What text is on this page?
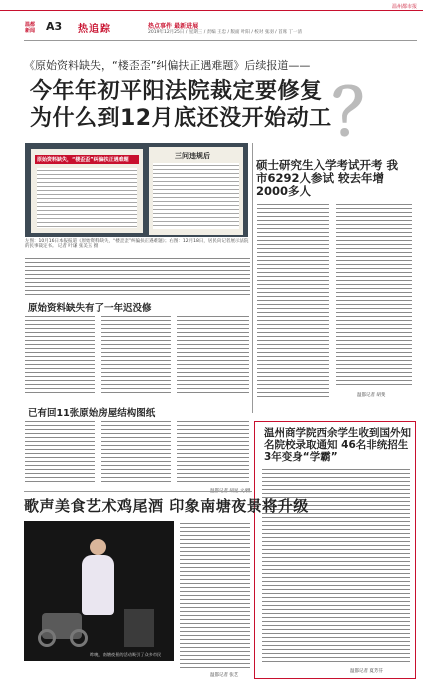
温州都市报
温都
新闻 A3 热追踪	热点事件 最新进展
2019年12月25日 / 星期三 / 责编 王忠 / 版面 叶阳 / 校对 张羽 / 首席 丁一清
《原始资料缺失，“楼歪歪”纠偏扶正遇难题》后续报道——
今年年初平阳法院裁定要修复
为什么到12月底还没开始动工 ？
原始资料缺失，“楼歪歪”纠偏扶正遇难题	三问违规后
左图：10月16日本报报道《原始资料缺失，“楼歪歪”纠偏扶正遇难题》；右图：12月18日，居民向记者展示法院的民事裁定书。 记者 叶谦 张美玉 摄
原始资料缺失有了一年迟没修
硕士研究生入学考试开考 我市6292人参试 较去年增2000多人
温都记者 胡斐
已有回11张原始房屋结构图纸
温州商学院西余学生收到国外知名院校录取通知 46名非统招生3年变身“学霸”
温都记者 夏芳芬
歌声美食艺术鸡尾酒 印象南塘夜景将升级
昨晚，南塘夜景的活动吸引了众多市民
温都记者 张艺
